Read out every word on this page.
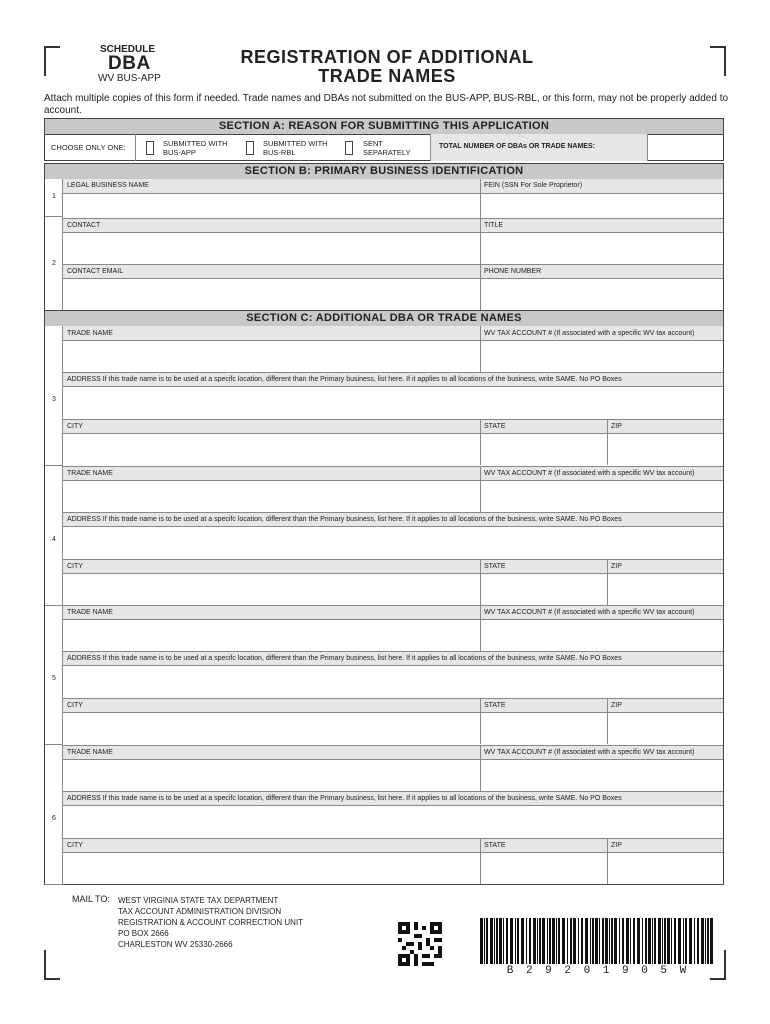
SCHEDULE
DBA
WV BUS-APP
REGISTRATION OF ADDITIONAL
TRADE NAMES
Attach multiple copies of this form if needed. Trade names and DBAs not submitted on the BUS-APP, BUS-RBL, or this form, may not be properly added to account.
SECTION A: REASON FOR SUBMITTING THIS APPLICATION
CHOOSE ONLY ONE:	SUBMITTED WITH
BUS-APP
SUBMITTED WITH
BUS-RBL
SENT
SEPARATELY
TOTAL NUMBER OF DBAs OR TRADE NAMES:
SECTION B: PRIMARY BUSINESS IDENTIFICATION
1
2
LEGAL BUSINESS NAME	FEIN (SSN For Sole Proprietor)
CONTACT	TITLE
CONTACT EMAIL	PHONE NUMBER
SECTION C: ADDITIONAL DBA OR TRADE NAMES
3
TRADE NAME	WV TAX ACCOUNT # (If associated with a specific WV tax account)
ADDRESS If this trade name is to be used at a specifc location, different than the Primary business, list here. If it applies to all locations of the business, write SAME. No PO Boxes
CITY	STATE	ZIP
4
TRADE NAME	WV TAX ACCOUNT # (If associated with a specific WV tax account)
ADDRESS If this trade name is to be used at a specifc location, different than the Primary business, list here. If it applies to all locations of the business, write SAME. No PO Boxes
CITY	STATE	ZIP
5
TRADE NAME	WV TAX ACCOUNT # (If associated with a specific WV tax account)
ADDRESS If this trade name is to be used at a specifc location, different than the Primary business, list here. If it applies to all locations of the business, write SAME. No PO Boxes
CITY	STATE	ZIP
6
TRADE NAME	WV TAX ACCOUNT # (If associated with a specific WV tax account)
ADDRESS If this trade name is to be used at a specifc location, different than the Primary business, list here. If it applies to all locations of the business, write SAME. No PO Boxes
CITY	STATE	ZIP
MAIL TO: WEST VIRGINIA STATE TAX DEPARTMENT
TAX ACCOUNT ADMINISTRATION DIVISION
REGISTRATION & ACCOUNT CORRECTION UNIT
PO BOX 2666
CHARLESTON WV 25330-2666
B 2 9 2 0 1 9 0 5 W
